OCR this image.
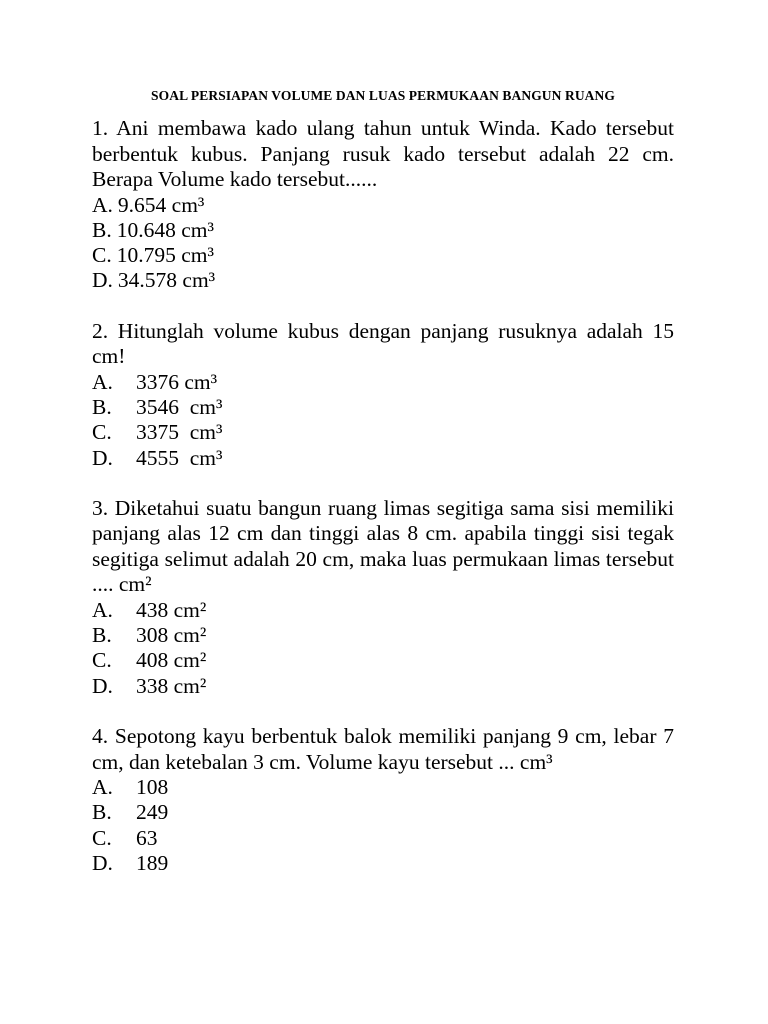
SOAL PERSIAPAN VOLUME DAN LUAS PERMUKAAN BANGUN RUANG

1. Ani membawa kado ulang tahun untuk Winda. Kado tersebut berbentuk kubus. Panjang rusuk kado tersebut adalah 22 cm. Berapa Volume kado tersebut......

A. 9.654 cm³
B. 10.648 cm³
C. 10.795 cm³
D. 34.578 cm³

2. Hitunglah volume kubus dengan panjang rusuknya adalah 15 cm!

A.	3376 cm³
B.	3546  cm³
C.	3375  cm³
D.	4555  cm³

3. Diketahui suatu bangun ruang limas segitiga sama sisi memiliki panjang alas 12 cm dan tinggi alas 8 cm. apabila tinggi sisi tegak segitiga selimut adalah 20 cm, maka luas permukaan limas tersebut .... cm²

A.	438 cm²
B.	308 cm²
C.	408 cm²
D.	338 cm²

4. Sepotong kayu berbentuk balok memiliki panjang 9 cm, lebar 7 cm, dan ketebalan 3 cm. Volume kayu tersebut ... cm³

A.	108
B.	249
C.	63
D.	189
